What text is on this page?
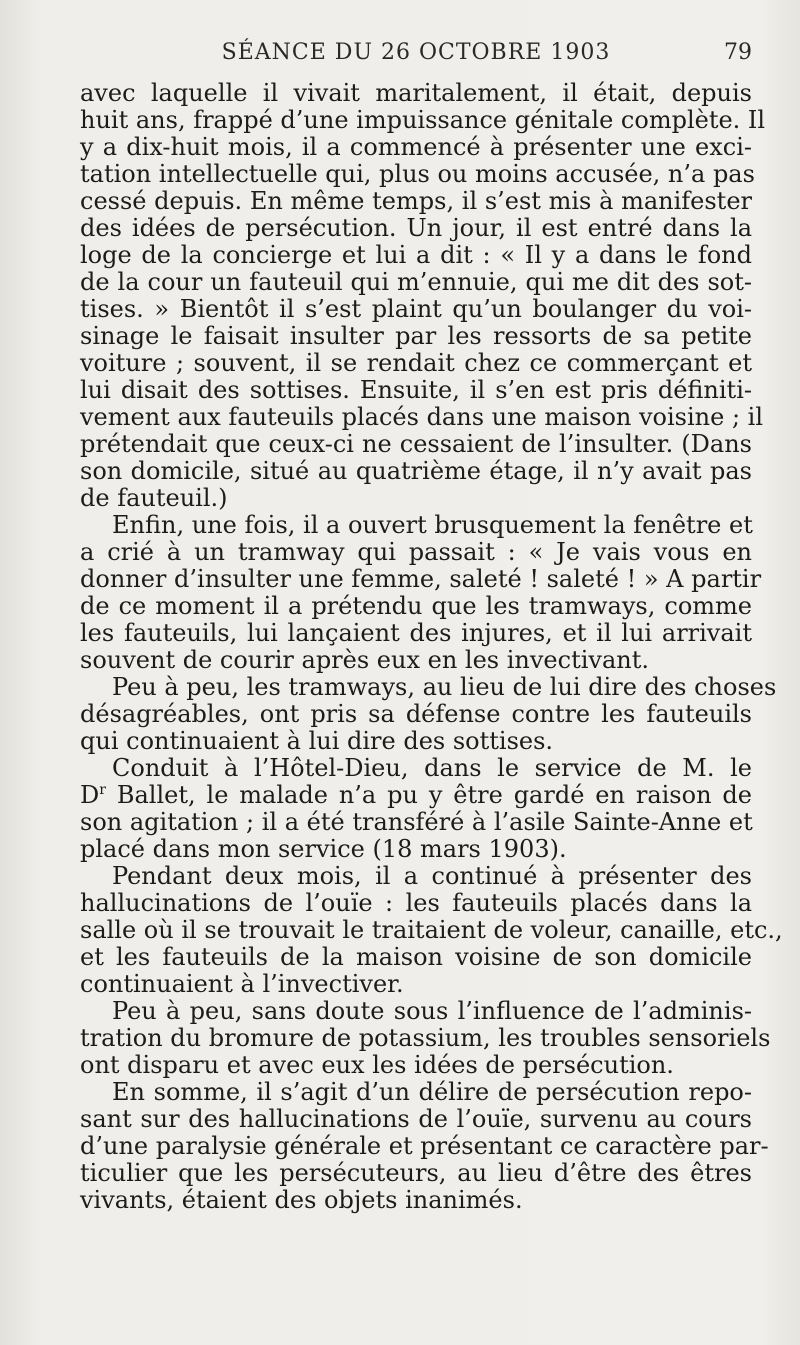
SÉANCE DU 26 OCTOBRE 1903	79
avec laquelle il vivait maritalement, il était, depuis
huit ans, frappé d’une impuissance génitale complète. Il
y a dix-huit mois, il a commencé à présenter une exci-
tation intellectuelle qui, plus ou moins accusée, n’a pas
cessé depuis. En même temps, il s’est mis à manifester
des idées de persécution. Un jour, il est entré dans la
loge de la concierge et lui a dit : « Il y a dans le fond
de la cour un fauteuil qui m’ennuie, qui me dit des sot-
tises. » Bientôt il s’est plaint qu’un boulanger du voi-
sinage le faisait insulter par les ressorts de sa petite
voiture ; souvent, il se rendait chez ce commerçant et
lui disait des sottises. Ensuite, il s’en est pris définiti-
vement aux fauteuils placés dans une maison voisine ; il
prétendait que ceux-ci ne cessaient de l’insulter. (Dans
son domicile, situé au quatrième étage, il n’y avait pas
de fauteuil.)
Enfin, une fois, il a ouvert brusquement la fenêtre et
a crié à un tramway qui passait : « Je vais vous en
donner d’insulter une femme, saleté ! saleté ! » A partir
de ce moment il a prétendu que les tramways, comme
les fauteuils, lui lançaient des injures, et il lui arrivait
souvent de courir après eux en les invectivant.
Peu à peu, les tramways, au lieu de lui dire des choses
désagréables, ont pris sa défense contre les fauteuils
qui continuaient à lui dire des sottises.
Conduit à l’Hôtel-Dieu, dans le service de M. le
$D^r$ Ballet, le malade n’a pu y être gardé en raison de
son agitation ; il a été transféré à l’asile Sainte-Anne et
placé dans mon service (18 mars 1903).
Pendant deux mois, il a continué à présenter des
hallucinations de l’ouïe : les fauteuils placés dans la
salle où il se trouvait le traitaient de voleur, canaille, etc.,
et les fauteuils de la maison voisine de son domicile
continuaient à l’invectiver.
Peu à peu, sans doute sous l’influence de l’adminis-
tration du bromure de potassium, les troubles sensoriels
ont disparu et avec eux les idées de persécution.
En somme, il s’agit d’un délire de persécution repo-
sant sur des hallucinations de l’ouïe, survenu au cours
d’une paralysie générale et présentant ce caractère par-
ticulier que les persécuteurs, au lieu d’être des êtres
vivants, étaient des objets inanimés.
